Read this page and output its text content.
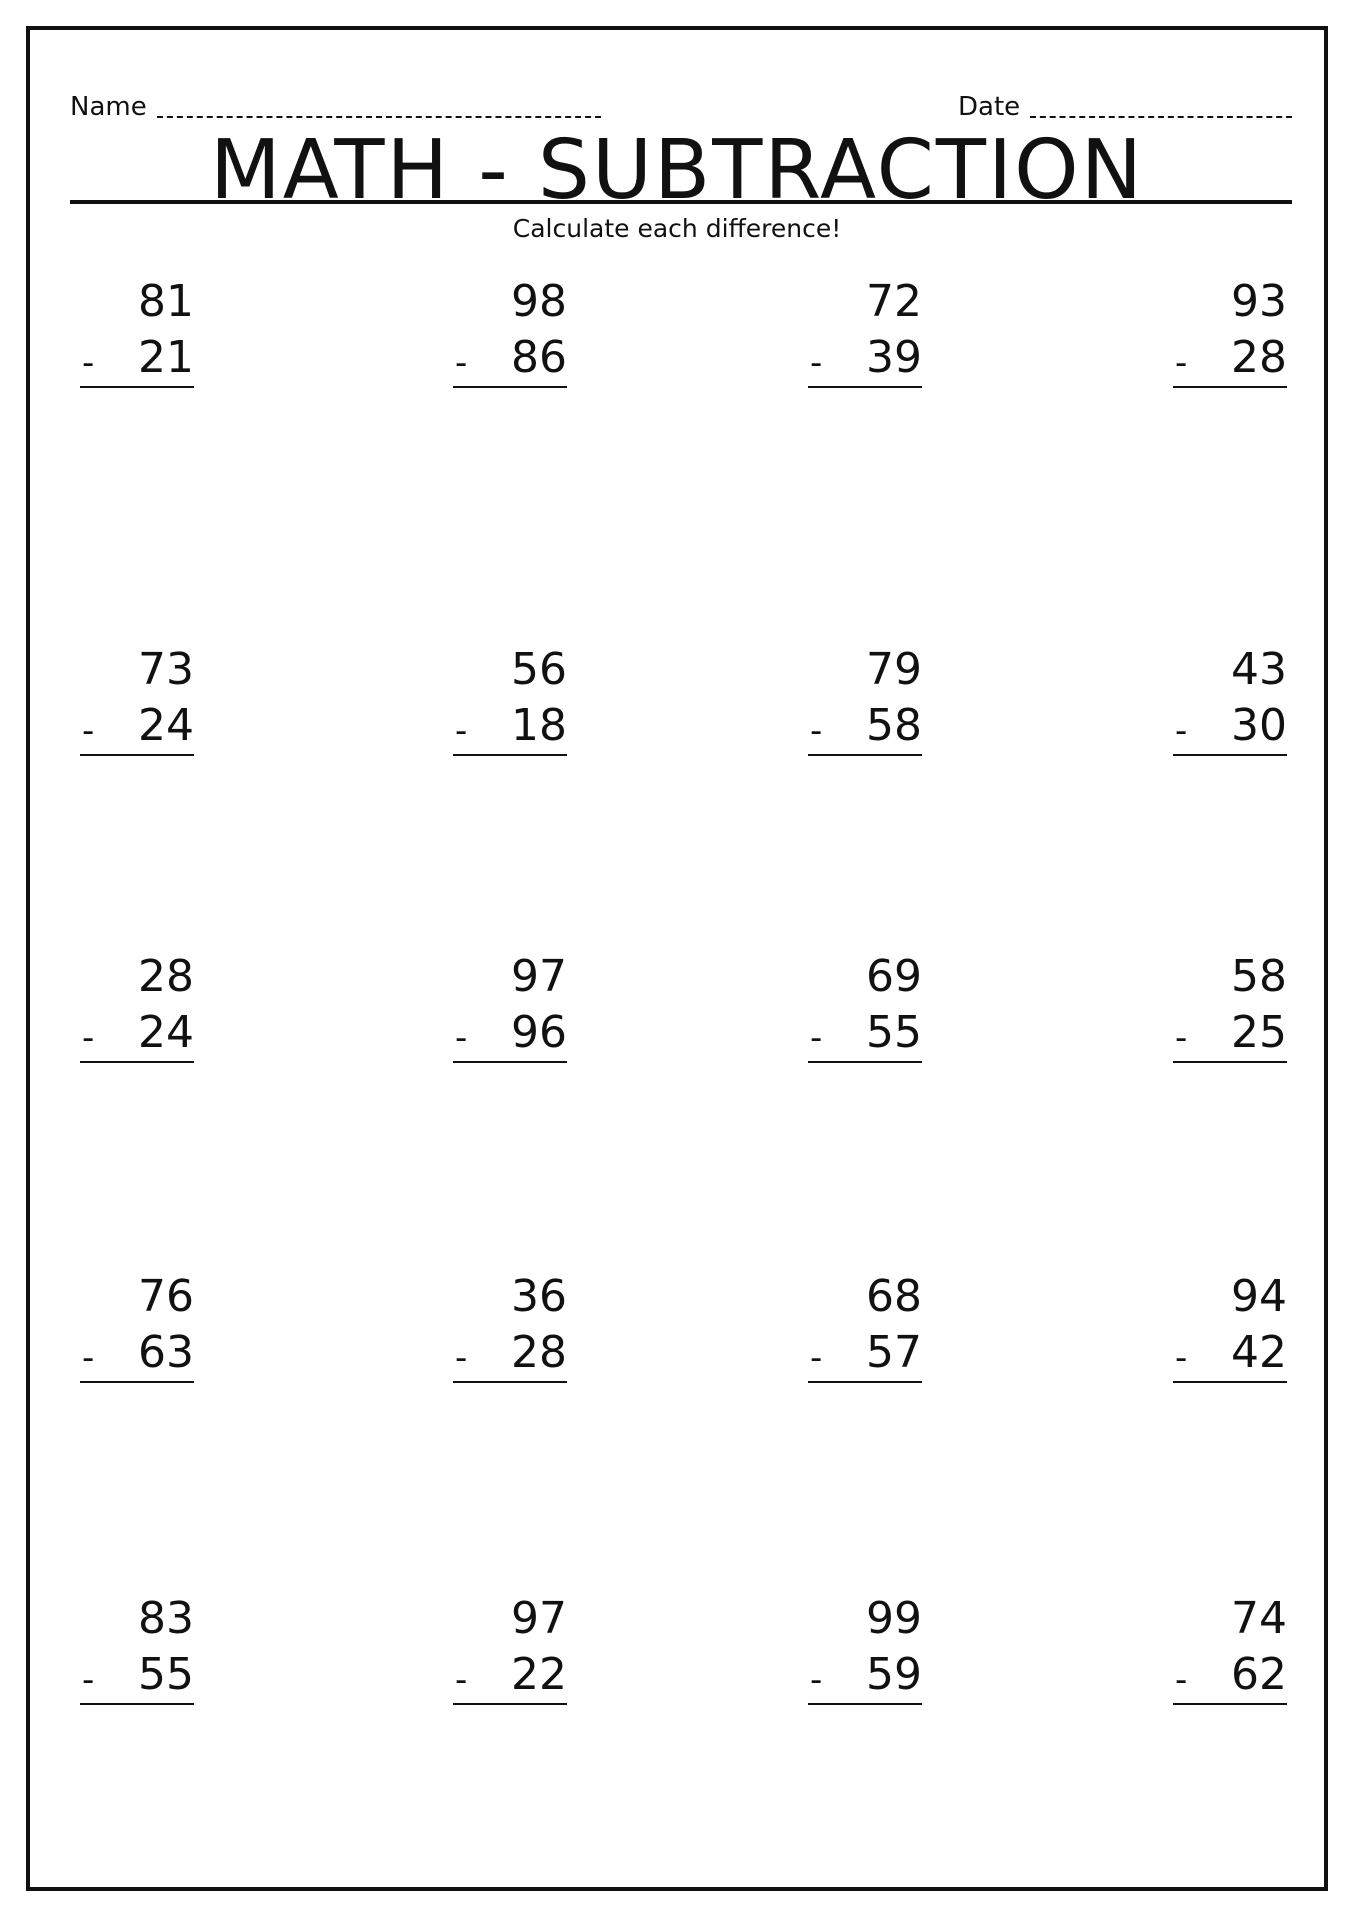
Name	Date
MATH - SUBTRACTION
Calculate each difference!
81
- 21
98
- 86
72
- 39
93
- 28
73
- 24
56
- 18
79
- 58
43
- 30
28
- 24
97
- 96
69
- 55
58
- 25
76
- 63
36
- 28
68
- 57
94
- 42
83
- 55
97
- 22
99
- 59
74
- 62
